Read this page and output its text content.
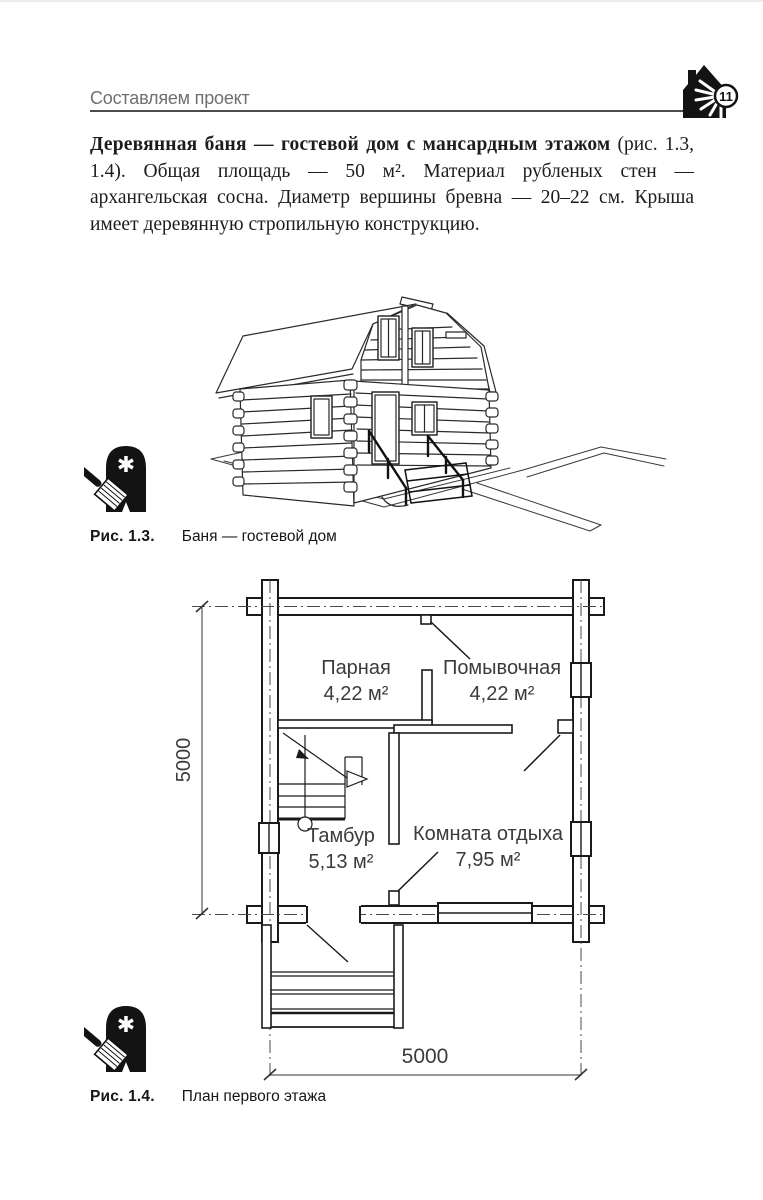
Составляем проект	11

Деревянная баня — гостевой дом с мансардным этажом (рис. 1.3, 1.4). Общая площадь — 50 м². Материал рубленых стен — архангельская сосна. Диаметр вершины бревна — 20–22 см. Крыша имеет деревянную стропильную конструкцию.

✱
Рис. 1.3. Баня — гостевой дом
5000
5000
Парная
4,22 м²
Помывочная
4,22 м²
Тамбур
5,13 м²
Комната отдыха
7,95 м²
✱
Рис. 1.4. План первого этажа
